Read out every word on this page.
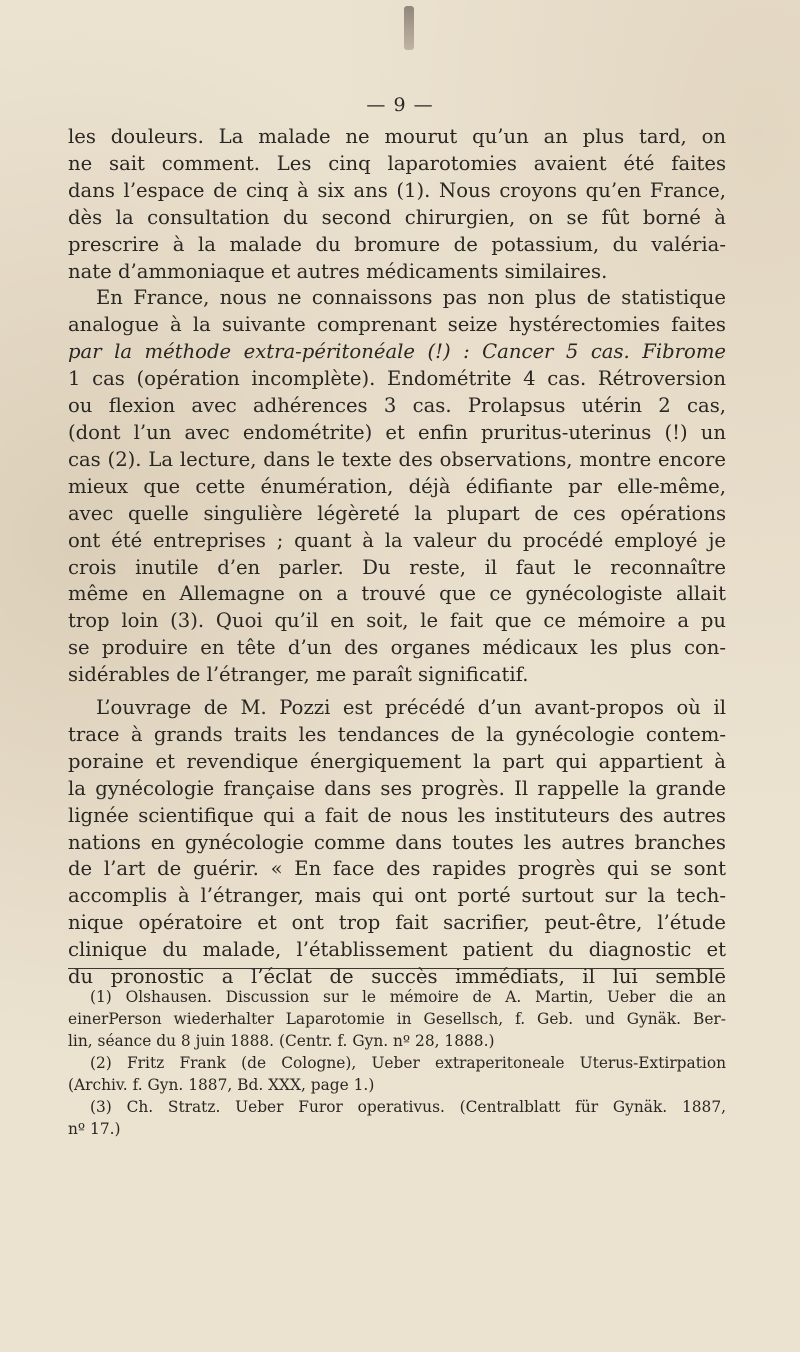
— 9 —

les douleurs. La malade ne mourut qu’un an plus tard, on
ne sait comment. Les cinq laparotomies avaient été faites
dans l’espace de cinq à six ans (1). Nous croyons qu’en France,
dès la consultation du second chirurgien, on se fût borné à
prescrire à la malade du bromure de potassium, du valéria-
nate d’ammoniaque et autres médicaments similaires.

En France, nous ne connaissons pas non plus de statistique
analogue à la suivante comprenant seize hystérectomies faites
par la méthode extra-péritonéale (!) : Cancer 5 cas. Fibrome
1 cas (opération incomplète). Endométrite 4 cas. Rétroversion
ou flexion avec adhérences 3 cas. Prolapsus utérin 2 cas,
(dont l’un avec endométrite) et enfin pruritus-uterinus (!) un
cas (2). La lecture, dans le texte des observations, montre encore
mieux que cette énumération, déjà édifiante par elle-même,
avec quelle singulière légèreté la plupart de ces opérations
ont été entreprises ; quant à la valeur du procédé employé je
crois inutile d’en parler. Du reste, il faut le reconnaître
même en Allemagne on a trouvé que ce gynécologiste allait
trop loin (3). Quoi qu’il en soit, le fait que ce mémoire a pu
se produire en tête d’un des organes médicaux les plus con-
sidérables de l’étranger, me paraît significatif.

L’ouvrage de M. Pozzi est précédé d’un avant-propos où il
trace à grands traits les tendances de la gynécologie contem-
poraine et revendique énergiquement la part qui appartient à
la gynécologie française dans ses progrès. Il rappelle la grande
lignée scientifique qui a fait de nous les instituteurs des autres
nations en gynécologie comme dans toutes les autres branches
de l’art de guérir. « En face des rapides progrès qui se sont
accomplis à l’étranger, mais qui ont porté surtout sur la tech-
nique opératoire et ont trop fait sacrifier, peut-être, l’étude
clinique du malade, l’établissement patient du diagnostic et
du pronostic a l’éclat de succès immédiats, il lui semble

(1) Olshausen. Discussion sur le mémoire de A. Martin, Ueber die an
einerPerson wiederhalter Laparotomie in Gesellsch, f. Geb. und Gynäk. Ber-
lin, séance du 8 juin 1888. (Centr. f. Gyn. nº 28, 1888.)
(2) Fritz Frank (de Cologne), Ueber extraperitoneale Uterus-Extirpation
(Archiv. f. Gyn. 1887, Bd. XXX, page 1.)
(3) Ch. Stratz. Ueber Furor operativus. (Centralblatt für Gynäk. 1887,
nº 17.)
